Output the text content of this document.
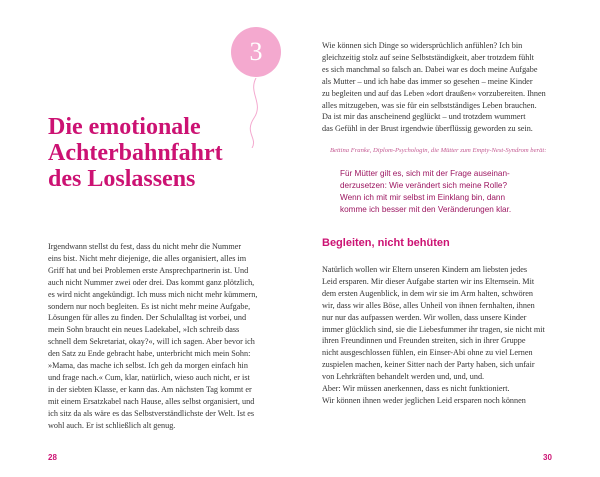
3
Die emotionale
Achterbahnfahrt
des Loslassens
Irgendwann stellst du fest, dass du nicht mehr die Nummer
eins bist. Nicht mehr diejenige, die alles organisiert, alles im
Griff hat und bei Problemen erste Ansprechpartnerin ist. Und
auch nicht Nummer zwei oder drei. Das kommt ganz plötzlich,
es wird nicht angekündigt. Ich muss mich nicht mehr kümmern,
sondern nur noch begleiten. Es ist nicht mehr meine Aufgabe,
Lösungen für alles zu finden. Der Schulalltag ist vorbei, und
mein Sohn braucht ein neues Ladekabel, »Ich schreib dass
schnell dem Sekretariat, okay?«, will ich sagen. Aber bevor ich
den Satz zu Ende gebracht habe, unterbricht mich mein Sohn:
»Mama, das mache ich selbst. Ich geh da morgen einfach hin
und frage nach.« Cum, klar, natürlich, wieso auch nicht, er ist
in der siebten Klasse, er kann das. Am nächsten Tag kommt er
mit einem Ersatzkabel nach Hause, alles selbst organisiert, und
ich sitz da als wäre es das Selbstverständlichste der Welt. Ist es
wohl auch. Er ist schließlich alt genug.
28
Wie können sich Dinge so widersprüchlich anfühlen? Ich bin
gleichzeitig stolz auf seine Selbstständigkeit, aber trotzdem fühlt
es sich manchmal so falsch an. Dabei war es doch meine Aufgabe
als Mutter – und ich habe das immer so gesehen – meine Kinder
zu begleiten und auf das Leben »dort draußen« vorzubereiten. Ihnen
alles mitzugeben, was sie für ein selbstständiges Leben brauchen.
Da ist mir das anscheinend geglückt – und trotzdem wummert
das Gefühl in der Brust irgendwie überflüssig geworden zu sein.
Bettina Franke, Diplom-Psychologin, die Mütter zum Empty-Nest-Syndrom berät:
Für Mütter gilt es, sich mit der Frage auseinan-
derzusetzen: Wie verändert sich meine Rolle?
Wenn ich mit mir selbst im Einklang bin, dann
komme ich besser mit den Veränderungen klar.
Begleiten, nicht behüten
Natürlich wollen wir Eltern unseren Kindern am liebsten jedes
Leid ersparen. Mir dieser Aufgabe starten wir ins Elternsein. Mit
dem ersten Augenblick, in dem wir sie im Arm halten, schwören
wir, dass wir alles Böse, alles Unheil von ihnen fernhalten, ihnen
nur nur das aufpassen werden. Wir wollen, dass unsere Kinder
immer glücklich sind, sie die Liebesfummer ihr tragen, sie nicht mit
ihren Freundinnen und Freunden streiten, sich in ihrer Gruppe
nicht ausgeschlossen fühlen, ein Einser-Abi ohne zu viel Lernen
zuspielen machen, keiner Sitter nach der Party haben, sich unfair
von Lehrkräften behandelt werden und, und, und.
Aber: Wir müssen anerkennen, dass es nicht funktioniert.
Wir können ihnen weder jeglichen Leid ersparen noch können
30
